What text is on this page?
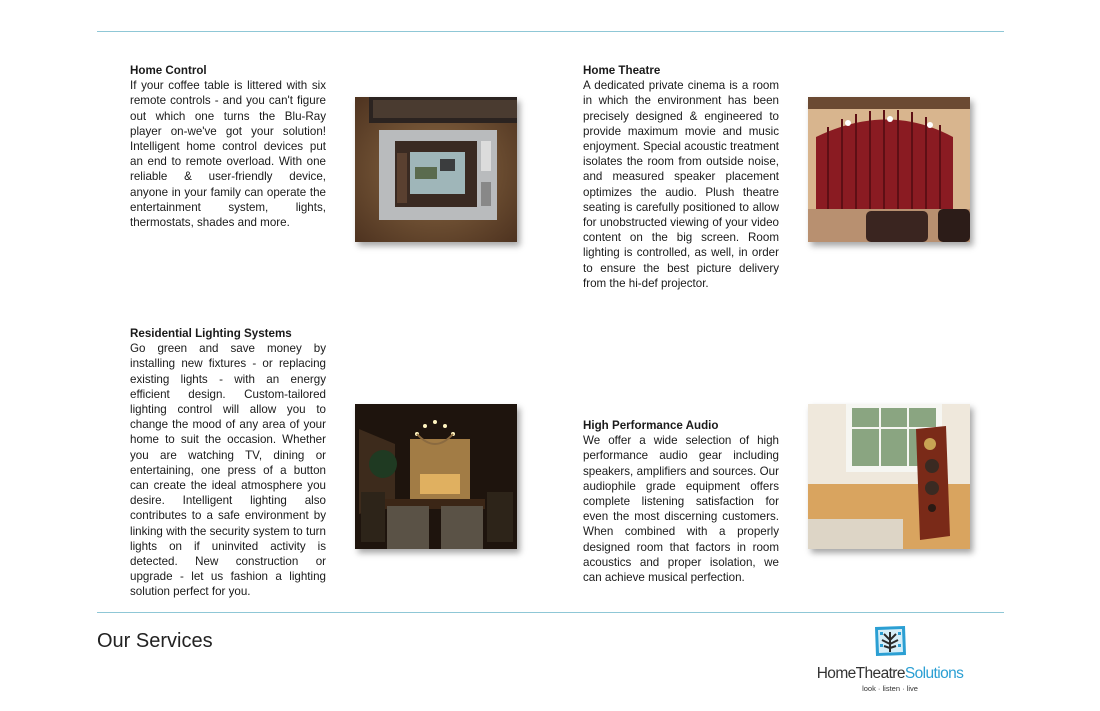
Home Control

If your coffee table is littered with six remote controls - and you can't figure out which one turns the Blu-Ray player on-we've got your solution! Intelligent home control devices put an end to remote overload. With one reliable & user-friendly device, anyone in your family can operate the entertainment system, lights, thermostats, shades and more.

Home Theatre

A dedicated private cinema is a room in which the environment has been precisely designed & engineered to provide maximum movie and music enjoyment. Special acoustic treatment isolates the room from outside noise, and measured speaker placement optimizes the audio. Plush theatre seating is carefully positioned to allow for unobstructed viewing of your video content on the big screen. Room lighting is controlled, as well, in order to ensure the best picture delivery from the hi-def projector.

Residential Lighting Systems

Go green and save money by installing new fixtures - or replacing existing lights - with an energy efficient design. Custom-tailored lighting control will allow you to change the mood of any area of your home to suit the occasion. Whether you are watching TV, dining or entertaining, one press of a button can create the ideal atmosphere you desire. Intelligent lighting also contributes to a safe environment by linking with the security system to turn lights on if uninvited activity is detected. New construction or upgrade - let us fashion a lighting solution perfect for you.

High Performance Audio

We offer a wide selection of high performance audio gear including speakers, amplifiers and sources. Our audiophile grade equipment offers complete listening satisfaction for even the most discerning customers. When combined with a properly designed room that factors in room acoustics and proper isolation, we can achieve musical perfection.

Our Services
HomeTheatreSolutions
look · listen · live
